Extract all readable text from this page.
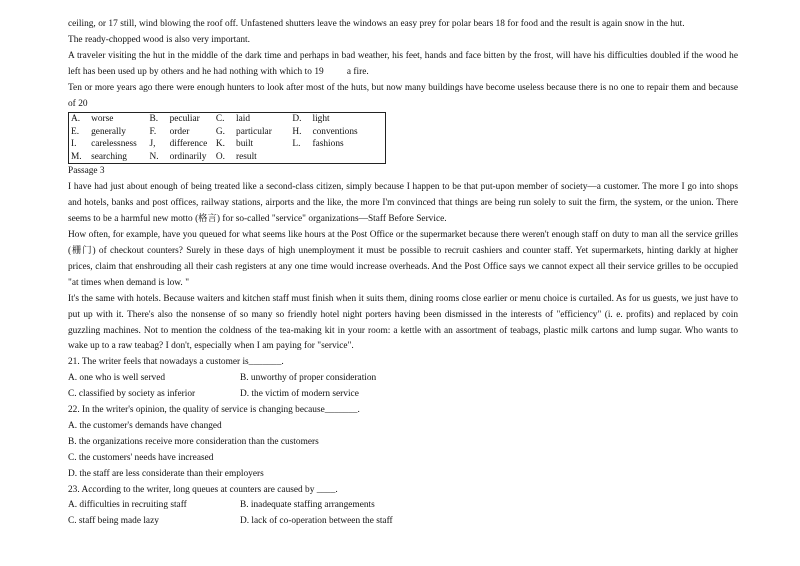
ceiling, or 17 still, wind blowing the roof off. Unfastened shutters leave the windows an easy prey for polar bears 18 for food and the result is again snow in the hut.
The ready-chopped wood is also very important.

A traveler visiting the hut in the middle of the dark time and perhaps in bad weather, his feet, hands and face bitten by the frost, will have his difficulties doubled if the wood he left has been used up by others and he had nothing with which to 19 a fire.

Ten or more years ago there were enough hunters to look after most of the huts, but now many buildings have become useless because there is no one to repair them and because of 20

A.	worse	B.	peculiar	C.	laid	D.	light
E.	generally	F.	order	G.	particular	H.	conventions
I.	carelessness	J,	difference	K.	built	L.	fashions
M.	searching	N.	ordinarily	O.	result		

Passage 3

I have had just about enough of being treated like a second-class citizen, simply because I happen to be that put-upon member of society—a customer. The more I go into shops and hotels, banks and post offices, railway stations, airports and the like, the more I'm convinced that things are being run solely to suit the firm, the system, or the union. There seems to be a harmful new motto (格言) for so-called "service" organizations—Staff Before Service.

How often, for example, have you queued for what seems like hours at the Post Office or the supermarket because there weren't enough staff on duty to man all the service grilles (栅门) of checkout counters? Surely in these days of high unemployment it must be possible to recruit cashiers and counter staff. Yet supermarkets, hinting darkly at higher prices, claim that enshrouding all their cash registers at any one time would increase overheads. And the Post Office says we cannot expect all their service grilles to be occupied "at times when demand is low. "

It's the same with hotels. Because waiters and kitchen staff must finish when it suits them, dining rooms close earlier or menu choice is curtailed. As for us guests, we just have to put up with it. There's also the nonsense of so many so friendly hotel night porters having been dismissed in the interests of "efficiency" (i. e. profits) and replaced by coin guzzling machines. Not to mention the coldness of the tea-making kit in your room: a kettle with an assortment of teabags, plastic milk cartons and lump sugar. Who wants to wake up to a raw teabag? I don't, especially when I am paying for "service".

21. The writer feels that nowadays a customer is_______.

A. one who is well served	B. unworthy of proper consideration
C. classified by society as inferior	D. the victim of modern service

22. In the writer's opinion, the quality of service is changing because_______.

A. the customer's demands have changed

B. the organizations receive more consideration than the customers

C. the customers' needs have increased

D. the staff are less considerate than their employers

23. According to the writer, long queues at counters are caused by ____.

A. difficulties in recruiting staff	B. inadequate staffing arrangements
C. staff being made lazy	D. lack of co-operation between the staff
